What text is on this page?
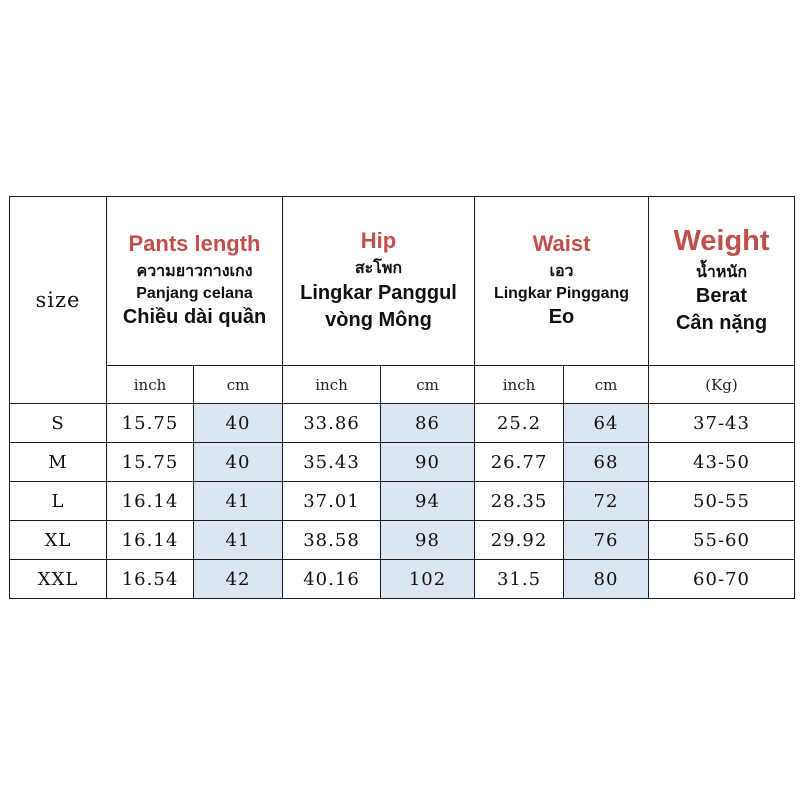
size	Pants length
ความยาวกางเกง
Panjang celana
Chiều dài quần		Hip
สะโพก
Lingkar Panggul
vòng Mông		Waist
เอว
Lingkar Pinggang
Eo		Weight
น้ำหนัก
Berat
Cân nặng

	inch	cm	inch	cm	inch	cm	(Kg)
S	15.75	40	33.86	86	25.2	64	37-43
M	15.75	40	35.43	90	26.77	68	43-50
L	16.14	41	37.01	94	28.35	72	50-55
XL	16.14	41	38.58	98	29.92	76	55-60
XXL	16.54	42	40.16	102	31.5	80	60-70
